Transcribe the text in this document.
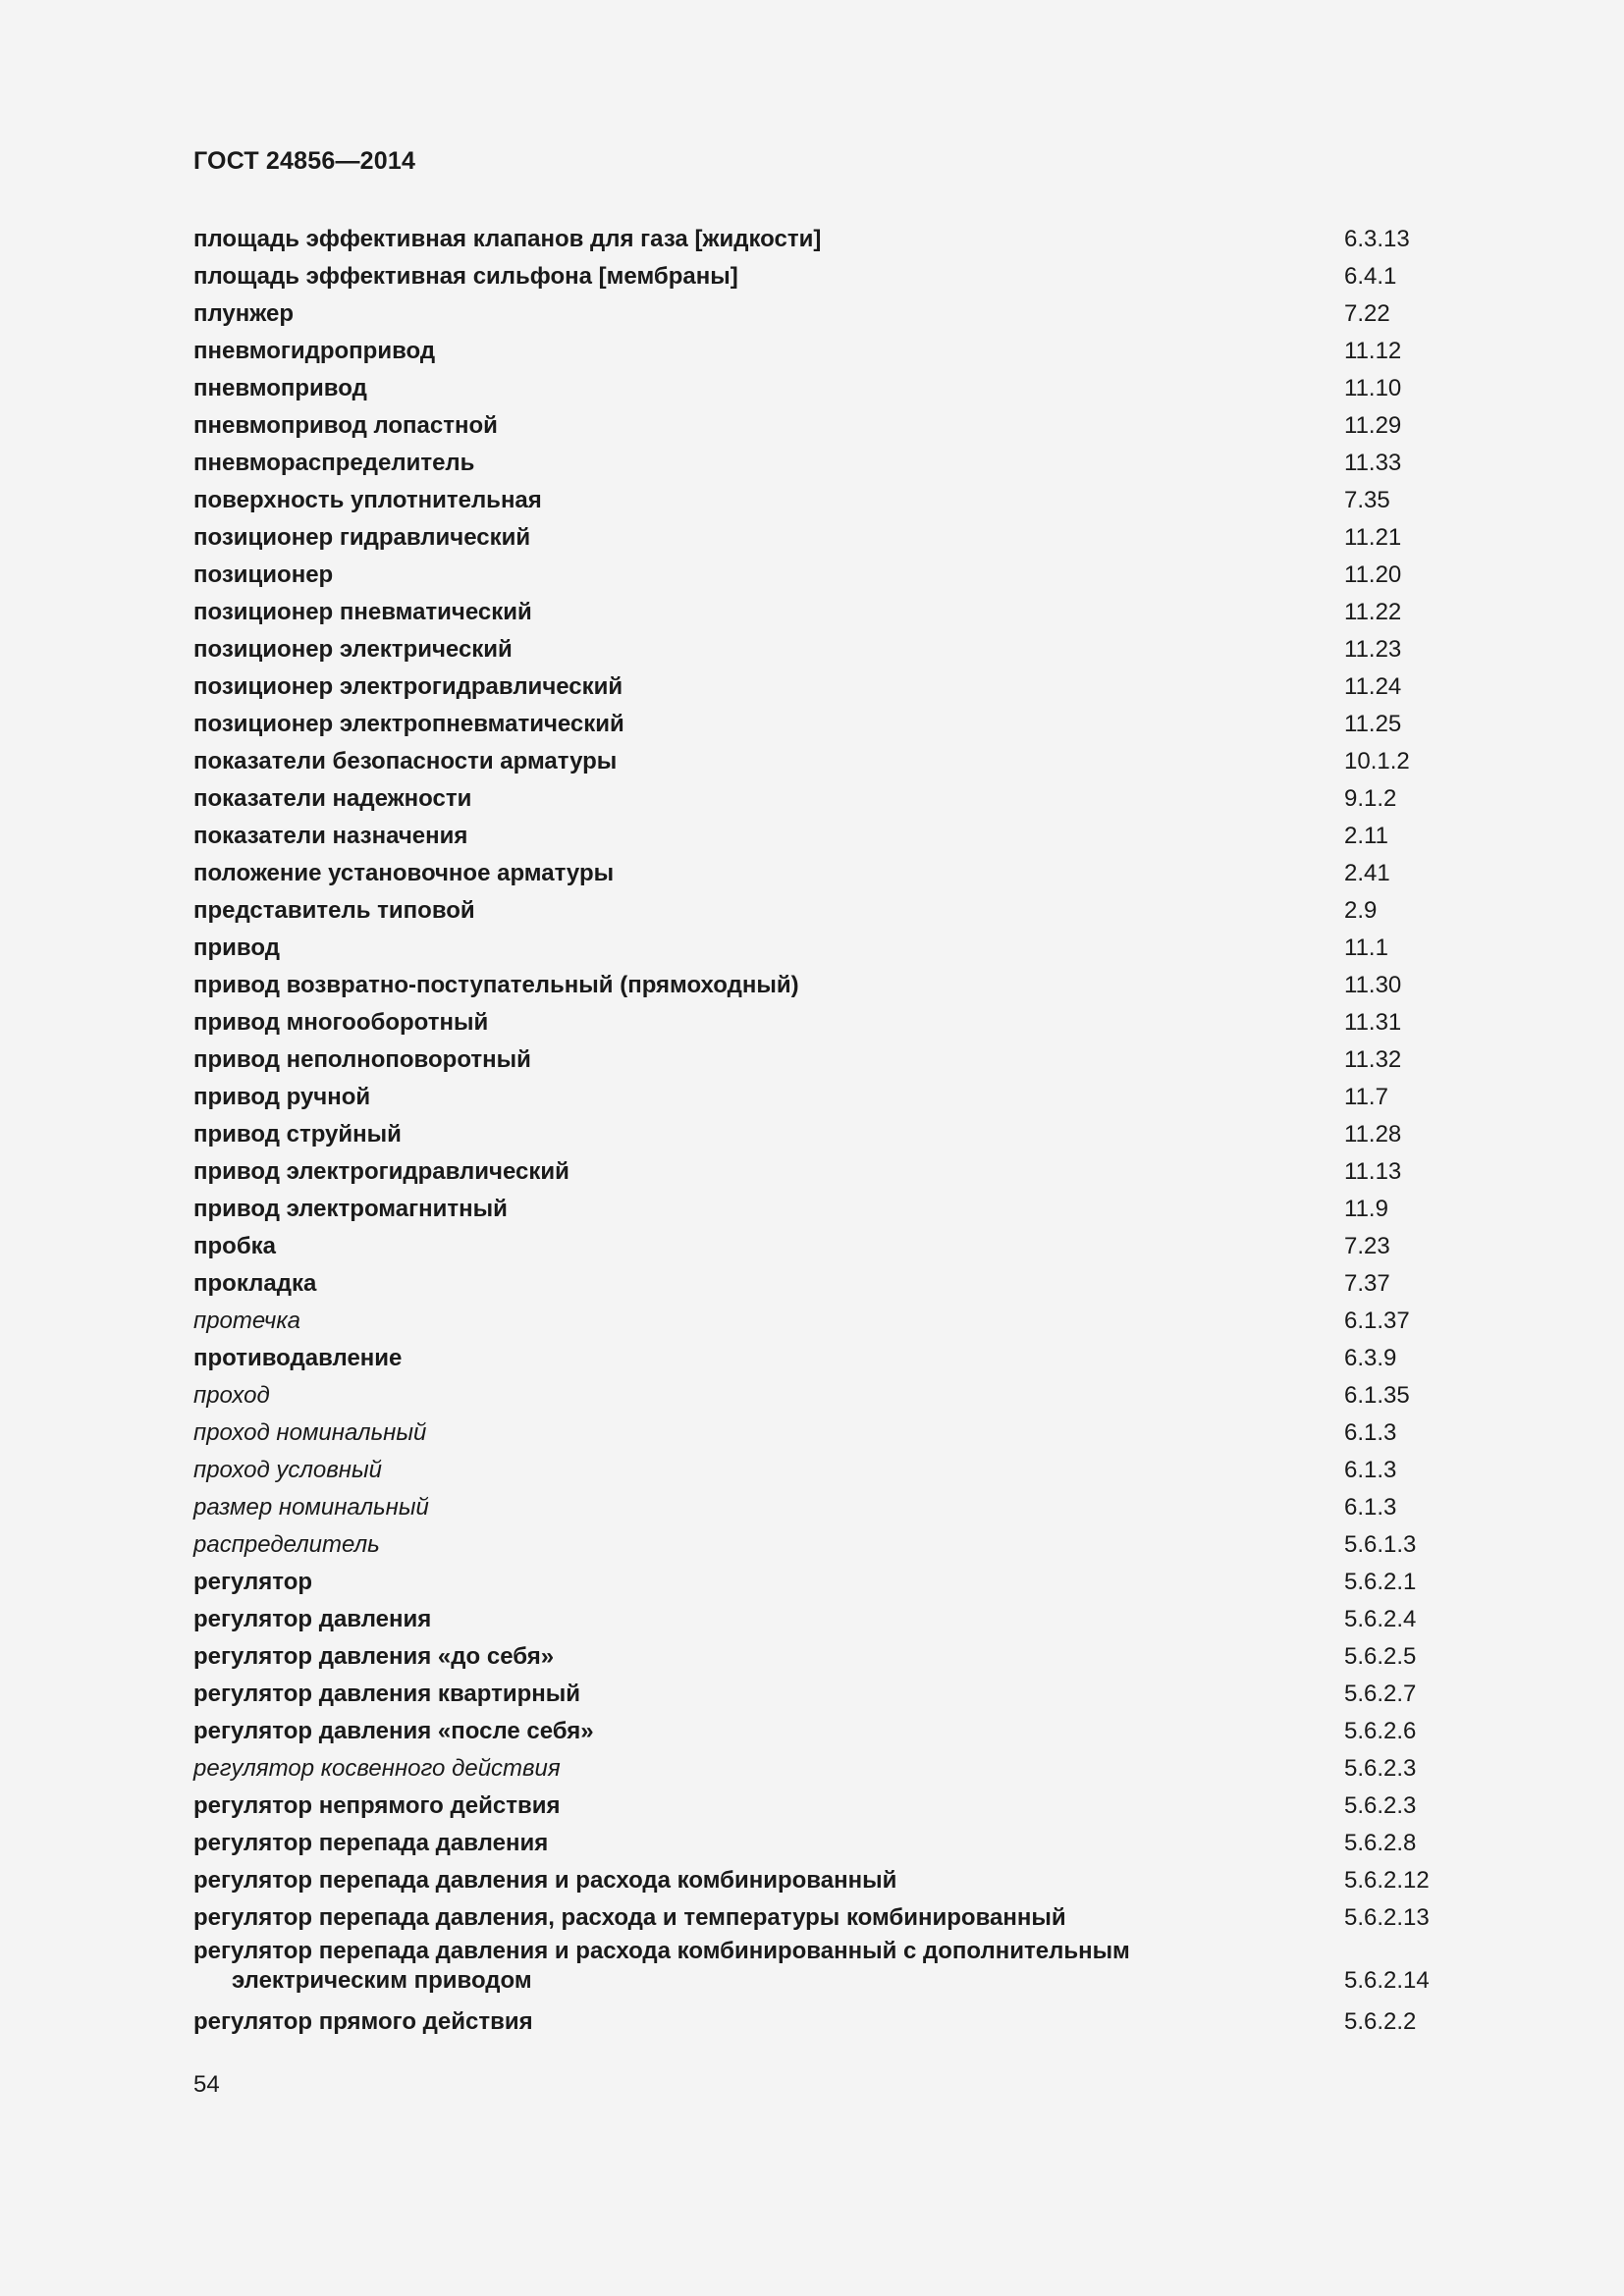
ГОСТ 24856—2014
площадь эффективная клапанов для газа [жидкости]	6.3.13
площадь эффективная сильфона [мембраны]	6.4.1
плунжер	7.22
пневмогидропривод	11.12
пневмопривод	11.10
пневмопривод лопастной	11.29
пневмораспределитель	11.33
поверхность уплотнительная	7.35
позиционер гидравлический	11.21
позиционер	11.20
позиционер пневматический	11.22
позиционер электрический	11.23
позиционер электрогидравлический	11.24
позиционер электропневматический	11.25
показатели безопасности арматуры	10.1.2
показатели надежности	9.1.2
показатели назначения	2.11
положение установочное арматуры	2.41
представитель типовой	2.9
привод	11.1
привод возвратно-поступательный (прямоходный)	11.30
привод многооборотный	11.31
привод неполноповоротный	11.32
привод ручной	11.7
привод струйный	11.28
привод электрогидравлический	11.13
привод электромагнитный	11.9
пробка	7.23
прокладка	7.37
протечка	6.1.37
противодавление	6.3.9
проход	6.1.35
проход номинальный	6.1.3
проход условный	6.1.3
размер номинальный	6.1.3
распределитель	5.6.1.3
регулятор	5.6.2.1
регулятор давления	5.6.2.4
регулятор давления «до себя»	5.6.2.5
регулятор давления квартирный	5.6.2.7
регулятор давления «после себя»	5.6.2.6
регулятор косвенного действия	5.6.2.3
регулятор непрямого действия	5.6.2.3
регулятор перепада давления	5.6.2.8
регулятор перепада давления и расхода комбинированный	5.6.2.12
регулятор перепада давления, расхода и температуры комбинированный	5.6.2.13
регулятор перепада давления и расхода комбинированный с дополнительным
электрическим приводом	5.6.2.14
регулятор прямого действия	5.6.2.2
54
